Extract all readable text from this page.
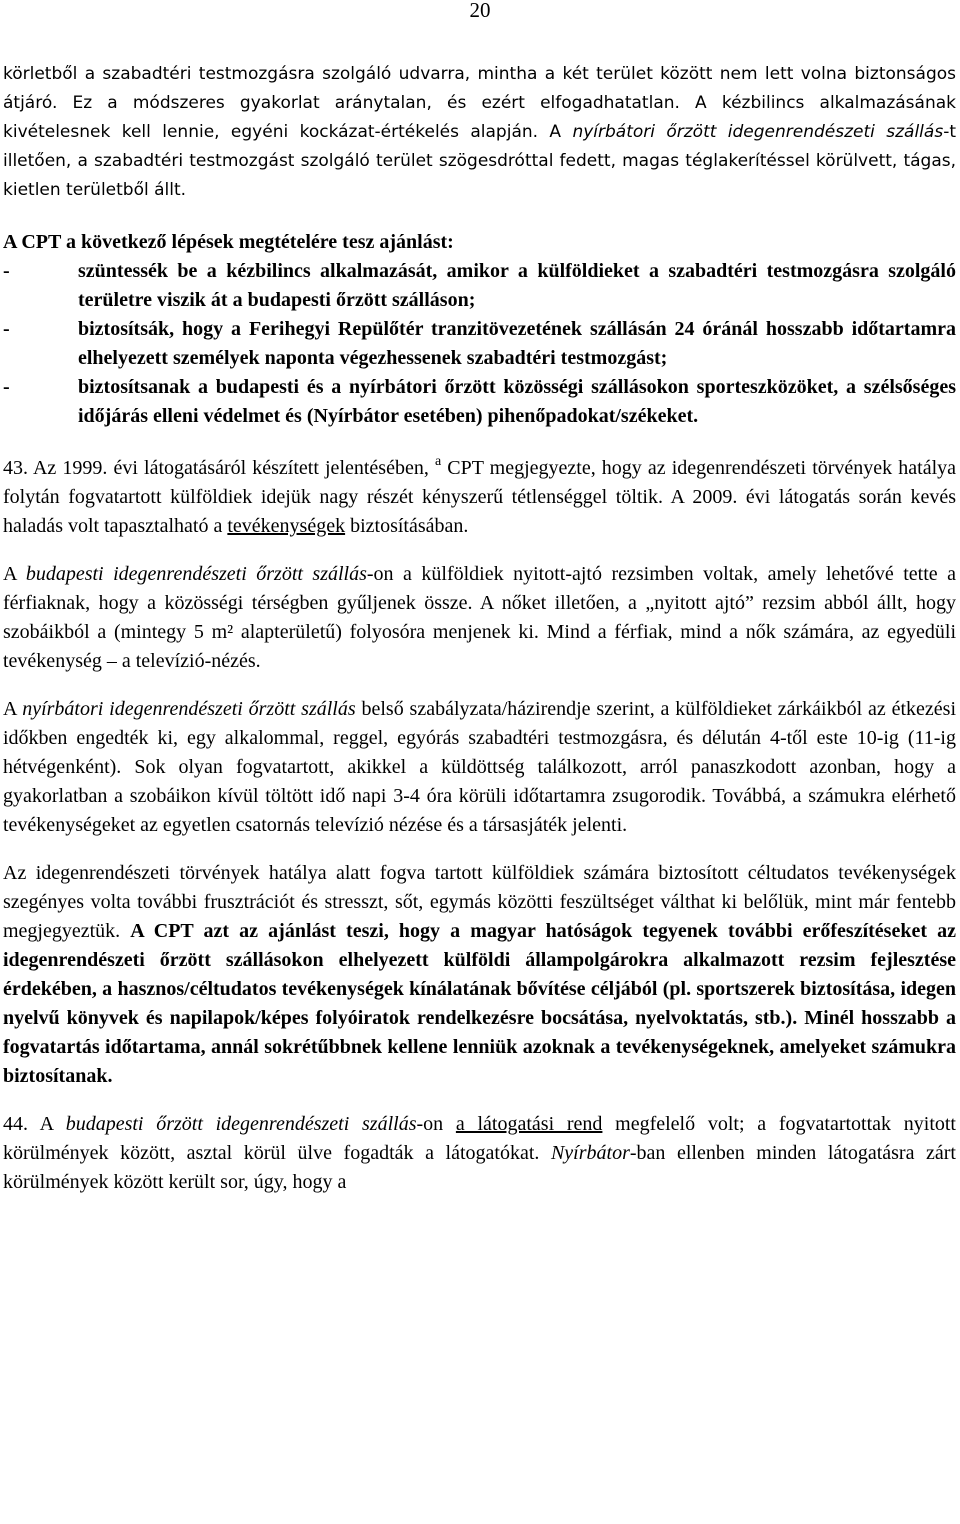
20

körletből a szabadtéri testmozgásra szolgáló udvarra, mintha a két terület között nem lett volna biztonságos átjáró. Ez a módszeres gyakorlat aránytalan, és ezért elfogadhatatlan. A kézbilincs alkalmazásának kivételesnek kell lennie, egyéni kockázat-értékelés alapján. A nyírbátori őrzött idegenrendészeti szállás-t illetően, a szabadtéri testmozgást szolgáló terület szögesdróttal fedett, magas téglakerítéssel körülvett, tágas, kietlen területből állt.

A CPT a következő lépések megtételére tesz ajánlást:

-	szüntessék be a kézbilincs alkalmazását, amikor a külföldieket a szabadtéri testmozgásra szolgáló területre viszik át a budapesti őrzött szálláson;
-	biztosítsák, hogy a Ferihegyi Repülőtér tranzitövezetének szállásán 24 óránál hosszabb időtartamra elhelyezett személyek naponta végezhessenek szabadtéri testmozgást;
-	biztosítsanak a budapesti és a nyírbátori őrzött közösségi szállásokon sporteszközöket, a szélsőséges időjárás elleni védelmet és (Nyírbátor esetében) pihenőpadokat/székeket.

43. Az 1999. évi látogatásáról készített jelentésében, $^a$ CPT megjegyezte, hogy az idegenrendészeti törvények hatálya folytán fogvatartott külföldiek idejük nagy részét kényszerű tétlenséggel töltik. A 2009. évi látogatás során kevés haladás volt tapasztalható a tevékenységek biztosításában.

A budapesti idegenrendészeti őrzött szállás-on a külföldiek nyitott-ajtó rezsimben voltak, amely lehetővé tette a férfiaknak, hogy a közösségi térségben gyűljenek össze. A nőket illetően, a „nyitott ajtó” rezsim abból állt, hogy szobáikból a (mintegy 5 m² alapterületű) folyosóra menjenek ki. Mind a férfiak, mind a nők számára, az egyedüli tevékenység – a televízió-nézés.

A nyírbátori idegenrendészeti őrzött szállás belső szabályzata/házirendje szerint, a külföldieket zárkáikból az étkezési időkben engedték ki, egy alkalommal, reggel, egyórás szabadtéri testmozgásra, és délután 4-től este 10-ig (11-ig hétvégenként). Sok olyan fogvatartott, akikkel a küldöttség találkozott, arról panaszkodott azonban, hogy a gyakorlatban a szobáikon kívül töltött idő napi 3-4 óra körüli időtartamra zsugorodik. Továbbá, a számukra elérhető tevékenységeket az egyetlen csatornás televízió nézése és a társasjáték jelenti.

Az idegenrendészeti törvények hatálya alatt fogva tartott külföldiek számára biztosított céltudatos tevékenységek szegényes volta további frusztrációt és stresszt, sőt, egymás közötti feszültséget válthat ki belőlük, mint már fentebb megjegyeztük. A CPT azt az ajánlást teszi, hogy a magyar hatóságok tegyenek további erőfeszítéseket az idegenrendészeti őrzött szállásokon elhelyezett külföldi állampolgárokra alkalmazott rezsim fejlesztése érdekében, a hasznos/céltudatos tevékenységek kínálatának bővítése céljából (pl. sportszerek biztosítása, idegen nyelvű könyvek és napilapok/képes folyóiratok rendelkezésre bocsátása, nyelvoktatás, stb.). Minél hosszabb a fogvatartás időtartama, annál sokrétűbbnek kellene lenniük azoknak a tevékenységeknek, amelyeket számukra biztosítanak.

44. A budapesti őrzött idegenrendészeti szállás-on a látogatási rend megfelelő volt; a fogvatartottak nyitott körülmények között, asztal körül ülve fogadták a látogatókat. Nyírbátor-ban ellenben minden látogatásra zárt körülmények között került sor, úgy, hogy a
